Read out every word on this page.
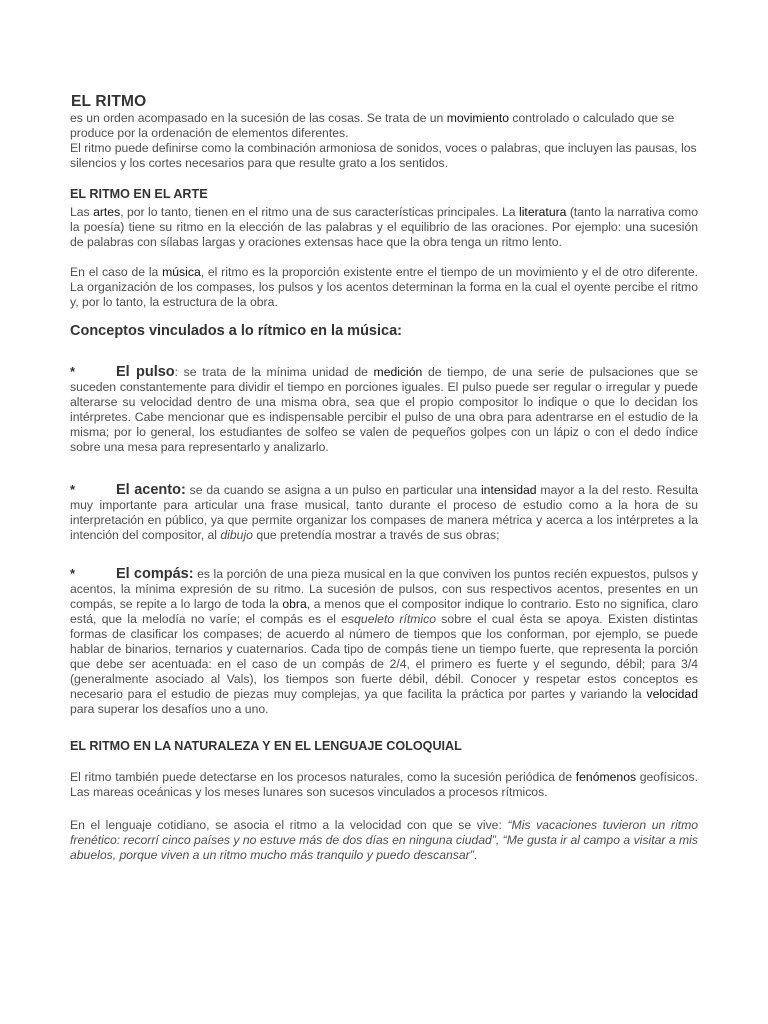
EL RITMO
es un orden acompasado en la sucesión de las cosas. Se trata de un movimiento controlado o calculado que se produce por la ordenación de elementos diferentes.
El ritmo puede definirse como la combinación armoniosa de sonidos, voces o palabras, que incluyen las pausas, los silencios y los cortes necesarios para que resulte grato a los sentidos.
EL RITMO EN EL ARTE
Las artes, por lo tanto, tienen en el ritmo una de sus características principales. La literatura (tanto la narrativa como la poesía) tiene su ritmo en la elección de las palabras y el equilibrio de las oraciones. Por ejemplo: una sucesión de palabras con sílabas largas y oraciones extensas hace que la obra tenga un ritmo lento.
En el caso de la música, el ritmo es la proporción existente entre el tiempo de un movimiento y el de otro diferente. La organización de los compases, los pulsos y los acentos determinan la forma en la cual el oyente percibe el ritmo y, por lo tanto, la estructura de la obra.
Conceptos vinculados a lo rítmico en la música:
*	El pulso: se trata de la mínima unidad de medición de tiempo, de una serie de pulsaciones que se suceden constantemente para dividir el tiempo en porciones iguales. El pulso puede ser regular o irregular y puede alterarse su velocidad dentro de una misma obra, sea que el propio compositor lo indique o que lo decidan los intérpretes. Cabe mencionar que es indispensable percibir el pulso de una obra para adentrarse en el estudio de la misma; por lo general, los estudiantes de solfeo se valen de pequeños golpes con un lápiz o con el dedo índice sobre una mesa para representarlo y analizarlo.
*	El acento: se da cuando se asigna a un pulso en particular una intensidad mayor a la del resto. Resulta muy importante para articular una frase musical, tanto durante el proceso de estudio como a la hora de su interpretación en público, ya que permite organizar los compases de manera métrica y acerca a los intérpretes a la intención del compositor, al dibujo que pretendía mostrar a través de sus obras;
*	El compás: es la porción de una pieza musical en la que conviven los puntos recién expuestos, pulsos y acentos, la mínima expresión de su ritmo. La sucesión de pulsos, con sus respectivos acentos, presentes en un compás, se repite a lo largo de toda la obra, a menos que el compositor indique lo contrario. Esto no significa, claro está, que la melodía no varíe; el compás es el esqueleto rítmico sobre el cual ésta se apoya. Existen distintas formas de clasificar los compases; de acuerdo al número de tiempos que los conforman, por ejemplo, se puede hablar de binarios, ternarios y cuaternarios. Cada tipo de compás tiene un tiempo fuerte, que representa la porción que debe ser acentuada: en el caso de un compás de 2/4, el primero es fuerte y el segundo, débil; para 3/4 (generalmente asociado al Vals), los tiempos son fuerte débil, débil. Conocer y respetar estos conceptos es necesario para el estudio de piezas muy complejas, ya que facilita la práctica por partes y variando la velocidad para superar los desafíos uno a uno.
EL RITMO EN LA NATURALEZA Y EN EL LENGUAJE COLOQUIAL
El ritmo también puede detectarse en los procesos naturales, como la sucesión periódica de fenómenos geofísicos. Las mareas oceánicas y los meses lunares son sucesos vinculados a procesos rítmicos.
En el lenguaje cotidiano, se asocia el ritmo a la velocidad con que se vive: “Mis vacaciones tuvieron un ritmo frenético: recorrí cinco países y no estuve más de dos días en ninguna ciudad”, “Me gusta ir al campo a visitar a mis abuelos, porque viven a un ritmo mucho más tranquilo y puedo descansar”.
